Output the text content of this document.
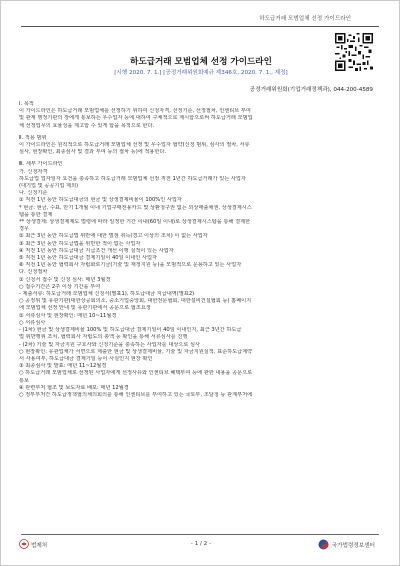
하도급거래 모범업체 선정 가이드라인
하도급거래 모범업체 선정 가이드라인
[시행 2020. 7. 1.] [공정거래위원회예규 제346호, 2020. 7. 1., 제정]
공정거래위원회(기업거래정책과), 044-200-4589

Ⅰ. 목적

이 가이드라인은 하도급거래 모범업체를 선정하기 위하여 신청자격, 선정기준, 선정절차, 인센티브 부여

및 관계 행정기관의 장에게 통보하는 우수업자 등에 대하여 구체적으로 제시함으로써 하도급거래 모범업

체 선정업무의 효율성을 제고함 수 있게 함을 목적으로 한다.

Ⅱ. 적용 범위

이 가이드라인은 원칙적으로 하도급거래 모범업체 선정 및 우수업자 협약(신청 범위, 심사의 절차, 서류

심사, 현장확인, 최종심사 및 결과 부여 등의 절차 등)에 적용한다.

Ⅲ. 세부 가이드라인

가. 신청자격

하도급업 업자일자 요건을 충족하고 하도급거래 모범업체 선정 직전 1년간 하도급거래가 있는 사업자

(대기업 및 공공기업 제외)

나. 신청기준

① 직전 1년 동안 하도급대금의 현금 및 상생결제비율이 100%인 사업자

* 현금: 현금, 수표, 만기 1개월 이내 기업구매전용카드 및 상환청구권 없는 외상매출채권, 상생결제시스

템을 통한 결제

** 상생결제: 상생결제제도 법령에 따라 일정한 기간 이내(60일 이내)로 상생결제시스템을 통해 결제한

경우

② 최근 3년 동안 하도급법 위반에 대한 벌점 취득(경고 이상의 조치) 이 없는 사업자

③ 최근 3년 동안 하도급법을 위반한 적이 없는 사업자

④ 직전 1년 동안 하도급대금 지급조건 개선 이행 실적이 있는 사업자

⑤ 직전 1년 동안 하도급대금 결제기일이 40일 이내인 사업자

⑥ 직전 1년 동안 협력회사 자립화로기금(기술 및 재정지원 등)을 모범적으로 운용하고 있는 사업자

다. 신청절차

① 신청서 접수 및 신청 심사: 매년 3월경

○ 접수기간은 2주 이상 기간을 부여

- 제출서류: 하도급거래 모범업체 신청서(별표1), 하도급대금 지급내역(별표2)

○ 공정위 및 유관기관(대한상공회의소, 중소기업중앙회, 대한전문협회, 대한설비건설협회 등) 홈페이지

에 모범업체 선정 안내 및 유관기관에서 공문으로 협조요청

② 서류심사 및 현장확인: 매년 10~11월경

○ 서류심사

- (1차) 현금 및 상생결제비율 100% 및 하도급대금 결제기일이 40일 이내인지, 최근 3년간 하도급

법 위반행위 조치, 협력회사 자립도의 총액 등 확인을 통해 서류심사를 진행

- (2차) 기술 및 자금지원 구호사와 신청기준을 충족하는 사업자를 대상으로 심사

○ 현장확인: 유관업체가 서면으로 제출한 현금 및 상생결제비율, 기술 및 자금지원실적, 표준하도급계약

서 사용여부, 하도급대금 결제기일 등이 사실인지 현장 확인

③ 최종심사 및 발표: 매년 11~12월경

○ 하도급거래 모범업체로 선정된 사업자에게 선정사유와 인센티브 혜택부여 등에 관한 내용을 공문으로

통보

④ 관련부처 협조 및 보도자료 배포: 매년 12월경

○ 정부부처간 하도급정책협의체의회의를 통해 인센티브를 부여하고 있는 국토부, 조달청 등 관계부처에

법제처	- 1 / 2 -	국가법령정보센터
